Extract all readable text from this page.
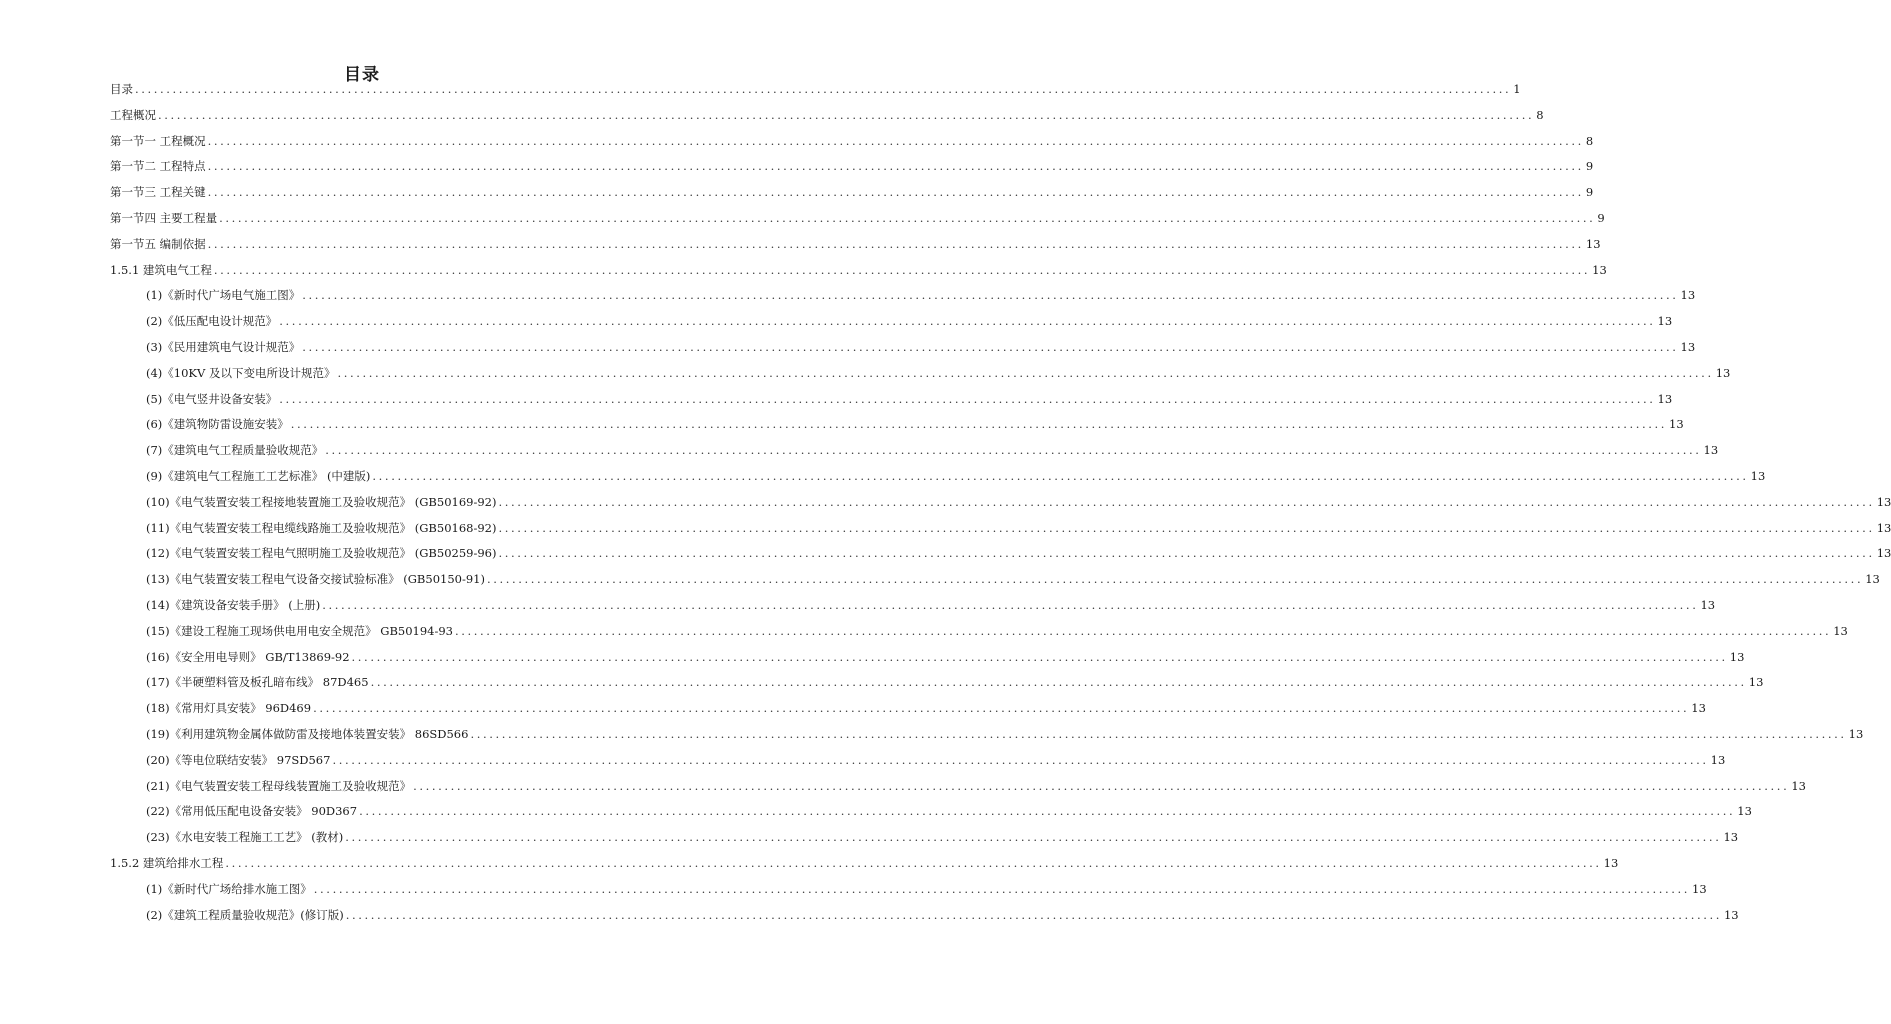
目录
目录 ............................................................................................................................................................................................................................ 1
工程概况 ............................................................................................................................................................................................................................ 8
第一节一 工程概况 ............................................................................................................................................................................................................................ 8
第一节二 工程特点 ............................................................................................................................................................................................................................ 9
第一节三 工程关键 ............................................................................................................................................................................................................................ 9
第一节四 主要工程量 ............................................................................................................................................................................................................................ 9
第一节五 编制依据 ............................................................................................................................................................................................................................ 13
1.5.1 建筑电气工程 ............................................................................................................................................................................................................................ 13
(1)《新时代广场电气施工图》 ............................................................................................................................................................................................................................ 13
(2)《低压配电设计规范》 ............................................................................................................................................................................................................................ 13
(3)《民用建筑电气设计规范》 ............................................................................................................................................................................................................................ 13
(4)《10KV 及以下变电所设计规范》 ............................................................................................................................................................................................................................ 13
(5)《电气竖井设备安装》 ............................................................................................................................................................................................................................ 13
(6)《建筑物防雷设施安装》 ............................................................................................................................................................................................................................ 13
(7)《建筑电气工程质量验收规范》 ............................................................................................................................................................................................................................ 13
(9)《建筑电气工程施工工艺标准》 (中建版) ............................................................................................................................................................................................................................ 13
(10)《电气装置安装工程接地装置施工及验收规范》 (GB50169-92) ............................................................................................................................................................................................................................ 13
(11)《电气装置安装工程电缆线路施工及验收规范》 (GB50168-92) ............................................................................................................................................................................................................................ 13
(12)《电气装置安装工程电气照明施工及验收规范》 (GB50259-96) ............................................................................................................................................................................................................................ 13
(13)《电气装置安装工程电气设备交接试验标准》 (GB50150-91) ............................................................................................................................................................................................................................ 13
(14)《建筑设备安装手册》 (上册) ............................................................................................................................................................................................................................ 13
(15)《建设工程施工现场供电用电安全规范》 GB50194-93 ............................................................................................................................................................................................................................ 13
(16)《安全用电导则》 GB/T13869-92 ............................................................................................................................................................................................................................ 13
(17)《半硬塑料管及板孔暗布线》 87D465 ............................................................................................................................................................................................................................ 13
(18)《常用灯具安装》 96D469 ............................................................................................................................................................................................................................ 13
(19)《利用建筑物金属体做防雷及接地体装置安装》 86SD566 ............................................................................................................................................................................................................................ 13
(20)《等电位联结安装》 97SD567 ............................................................................................................................................................................................................................ 13
(21)《电气装置安装工程母线装置施工及验收规范》 ............................................................................................................................................................................................................................ 13
(22)《常用低压配电设备安装》 90D367 ............................................................................................................................................................................................................................ 13
(23)《水电安装工程施工工艺》 (教材) ............................................................................................................................................................................................................................ 13
1.5.2 建筑给排水工程 ............................................................................................................................................................................................................................ 13
(1)《新时代广场给排水施工图》 ............................................................................................................................................................................................................................ 13
(2)《建筑工程质量验收规范》(修订版) ............................................................................................................................................................................................................................ 13
